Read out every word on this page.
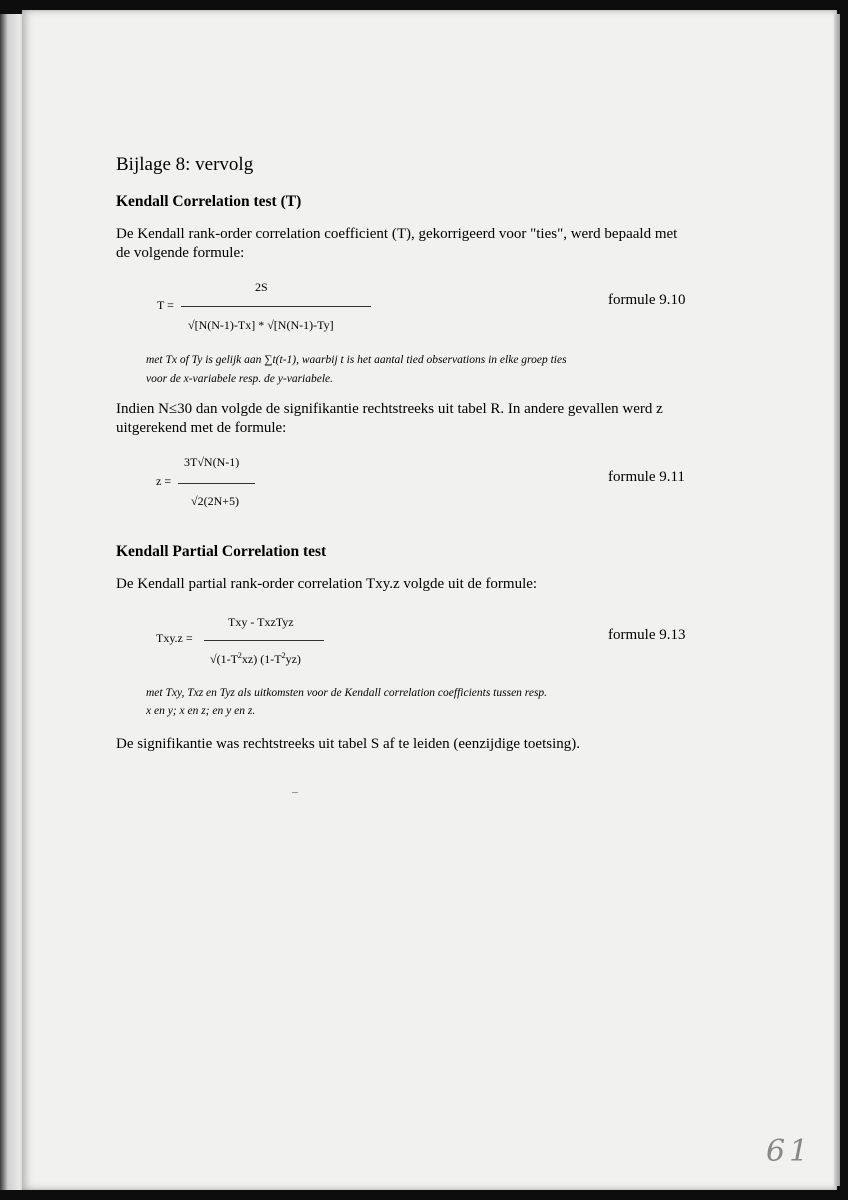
Bijlage 8: vervolg

Kendall Correlation test (T)

De Kendall rank-order correlation coefficient (T), gekorrigeerd voor "ties", werd bepaald met

de volgende formule:

2S

T =

√[N(N-1)-Tx] * √[N(N-1)-Ty]

formule 9.10

met Tx of Ty is gelijk aan ∑t(t-1), waarbij t is het aantal tied observations in elke groep ties

voor de x-variabele resp. de y-variabele.

Indien N≤30 dan volgde de signifikantie rechtstreeks uit tabel R. In andere gevallen werd z

uitgerekend met de formule:

3T√N(N-1)

z =

√2(2N+5)

formule 9.11

Kendall Partial Correlation test

De Kendall partial rank-order correlation Txy.z volgde uit de formule:

Txy - TxzTyz

Txy.z =

$√(1-T^2xz)$ $(1-T^2yz)$

formule 9.13

met Txy, Txz en Tyz als uitkomsten voor de Kendall correlation coefficients tussen resp.

x en y; x en z; en y en z.

De signifikantie was rechtstreeks uit tabel S af te leiden (eenzijdige toetsing).

61
